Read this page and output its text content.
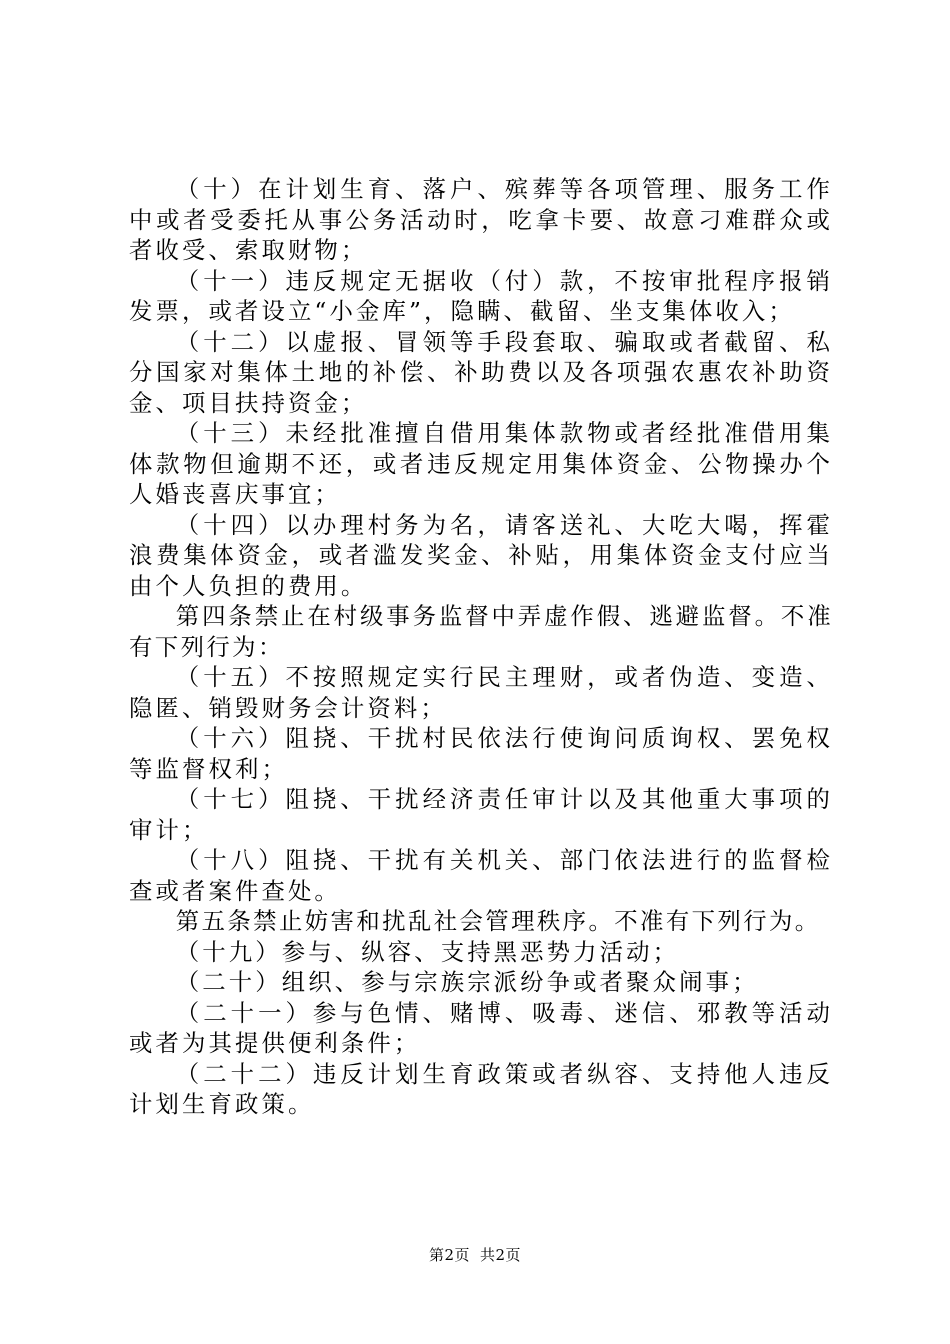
（十）在计划生育、落户、殡葬等各项管理、服务工作中或者受委托从事公务活动时，吃拿卡要、故意刁难群众或者收受、索取财物；

（十一）违反规定无据收（付）款，不按审批程序报销发票，或者设立“小金库”，隐瞒、截留、坐支集体收入；

（十二）以虚报、冒领等手段套取、骗取或者截留、私分国家对集体土地的补偿、补助费以及各项强农惠农补助资金、项目扶持资金；

（十三）未经批准擅自借用集体款物或者经批准借用集体款物但逾期不还，或者违反规定用集体资金、公物操办个人婚丧喜庆事宜；

（十四）以办理村务为名，请客送礼、大吃大喝，挥霍浪费集体资金，或者滥发奖金、补贴，用集体资金支付应当由个人负担的费用。

第四条禁止在村级事务监督中弄虚作假、逃避监督。不准有下列行为：

（十五）不按照规定实行民主理财，或者伪造、变造、隐匿、销毁财务会计资料；

（十六）阻挠、干扰村民依法行使询问质询权、罢免权等监督权利；

（十七）阻挠、干扰经济责任审计以及其他重大事项的审计；

（十八）阻挠、干扰有关机关、部门依法进行的监督检查或者案件查处。

第五条禁止妨害和扰乱社会管理秩序。不准有下列行为。

（十九）参与、纵容、支持黑恶势力活动；

（二十）组织、参与宗族宗派纷争或者聚众闹事；

（二十一）参与色情、赌博、吸毒、迷信、邪教等活动或者为其提供便利条件；

（二十二）违反计划生育政策或者纵容、支持他人违反计划生育政策。

第2页 共2页
